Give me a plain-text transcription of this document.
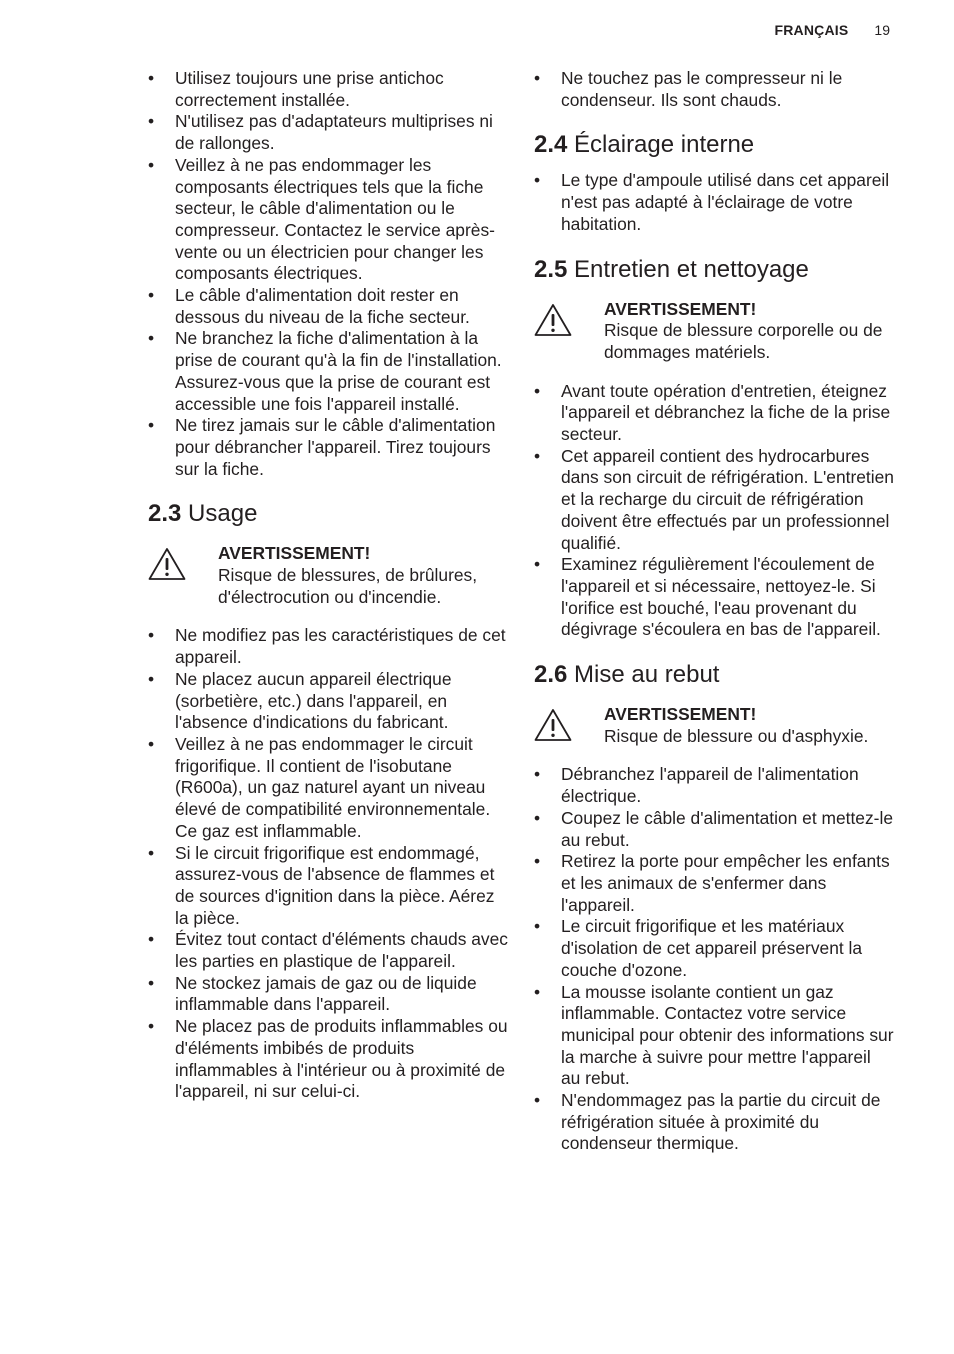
FRANÇAIS 19
• Utilisez toujours une prise antichoc correctement installée.
• N'utilisez pas d'adaptateurs multiprises ni de rallonges.
• Veillez à ne pas endommager les composants électriques tels que la fiche secteur, le câble d'alimentation ou le compresseur. Contactez le service après-vente ou un électricien pour changer les composants électriques.
• Le câble d'alimentation doit rester en dessous du niveau de la fiche secteur.
• Ne branchez la fiche d'alimentation à la prise de courant qu'à la fin de l'installation. Assurez-vous que la prise de courant est accessible une fois l'appareil installé.
• Ne tirez jamais sur le câble d'alimentation pour débrancher l'appareil. Tirez toujours sur la fiche.
2.3 Usage
AVERTISSEMENT!
Risque de blessures, de brûlures, d'électrocution ou d'incendie.
• Ne modifiez pas les caractéristiques de cet appareil.
• Ne placez aucun appareil électrique (sorbetière, etc.) dans l'appareil, en l'absence d'indications du fabricant.
• Veillez à ne pas endommager le circuit frigorifique. Il contient de l'isobutane (R600a), un gaz naturel ayant un niveau élevé de compatibilité environnementale. Ce gaz est inflammable.
• Si le circuit frigorifique est endommagé, assurez-vous de l'absence de flammes et de sources d'ignition dans la pièce. Aérez la pièce.
• Évitez tout contact d'éléments chauds avec les parties en plastique de l'appareil.
• Ne stockez jamais de gaz ou de liquide inflammable dans l'appareil.
• Ne placez pas de produits inflammables ou d'éléments imbibés de produits inflammables à l'intérieur ou à proximité de l'appareil, ni sur celui-ci.
• Ne touchez pas le compresseur ni le condenseur. Ils sont chauds.
2.4 Éclairage interne
• Le type d'ampoule utilisé dans cet appareil n'est pas adapté à l'éclairage de votre habitation.
2.5 Entretien et nettoyage
AVERTISSEMENT!
Risque de blessure corporelle ou de dommages matériels.
• Avant toute opération d'entretien, éteignez l'appareil et débranchez la fiche de la prise secteur.
• Cet appareil contient des hydrocarbures dans son circuit de réfrigération. L'entretien et la recharge du circuit de réfrigération doivent être effectués par un professionnel qualifié.
• Examinez régulièrement l'écoulement de l'appareil et si nécessaire, nettoyez-le. Si l'orifice est bouché, l'eau provenant du dégivrage s'écoulera en bas de l'appareil.
2.6 Mise au rebut
AVERTISSEMENT!
Risque de blessure ou d'asphyxie.
• Débranchez l'appareil de l'alimentation électrique.
• Coupez le câble d'alimentation et mettez-le au rebut.
• Retirez la porte pour empêcher les enfants et les animaux de s'enfermer dans l'appareil.
• Le circuit frigorifique et les matériaux d'isolation de cet appareil préservent la couche d'ozone.
• La mousse isolante contient un gaz inflammable. Contactez votre service municipal pour obtenir des informations sur la marche à suivre pour mettre l'appareil au rebut.
• N'endommagez pas la partie du circuit de réfrigération située à proximité du condenseur thermique.
